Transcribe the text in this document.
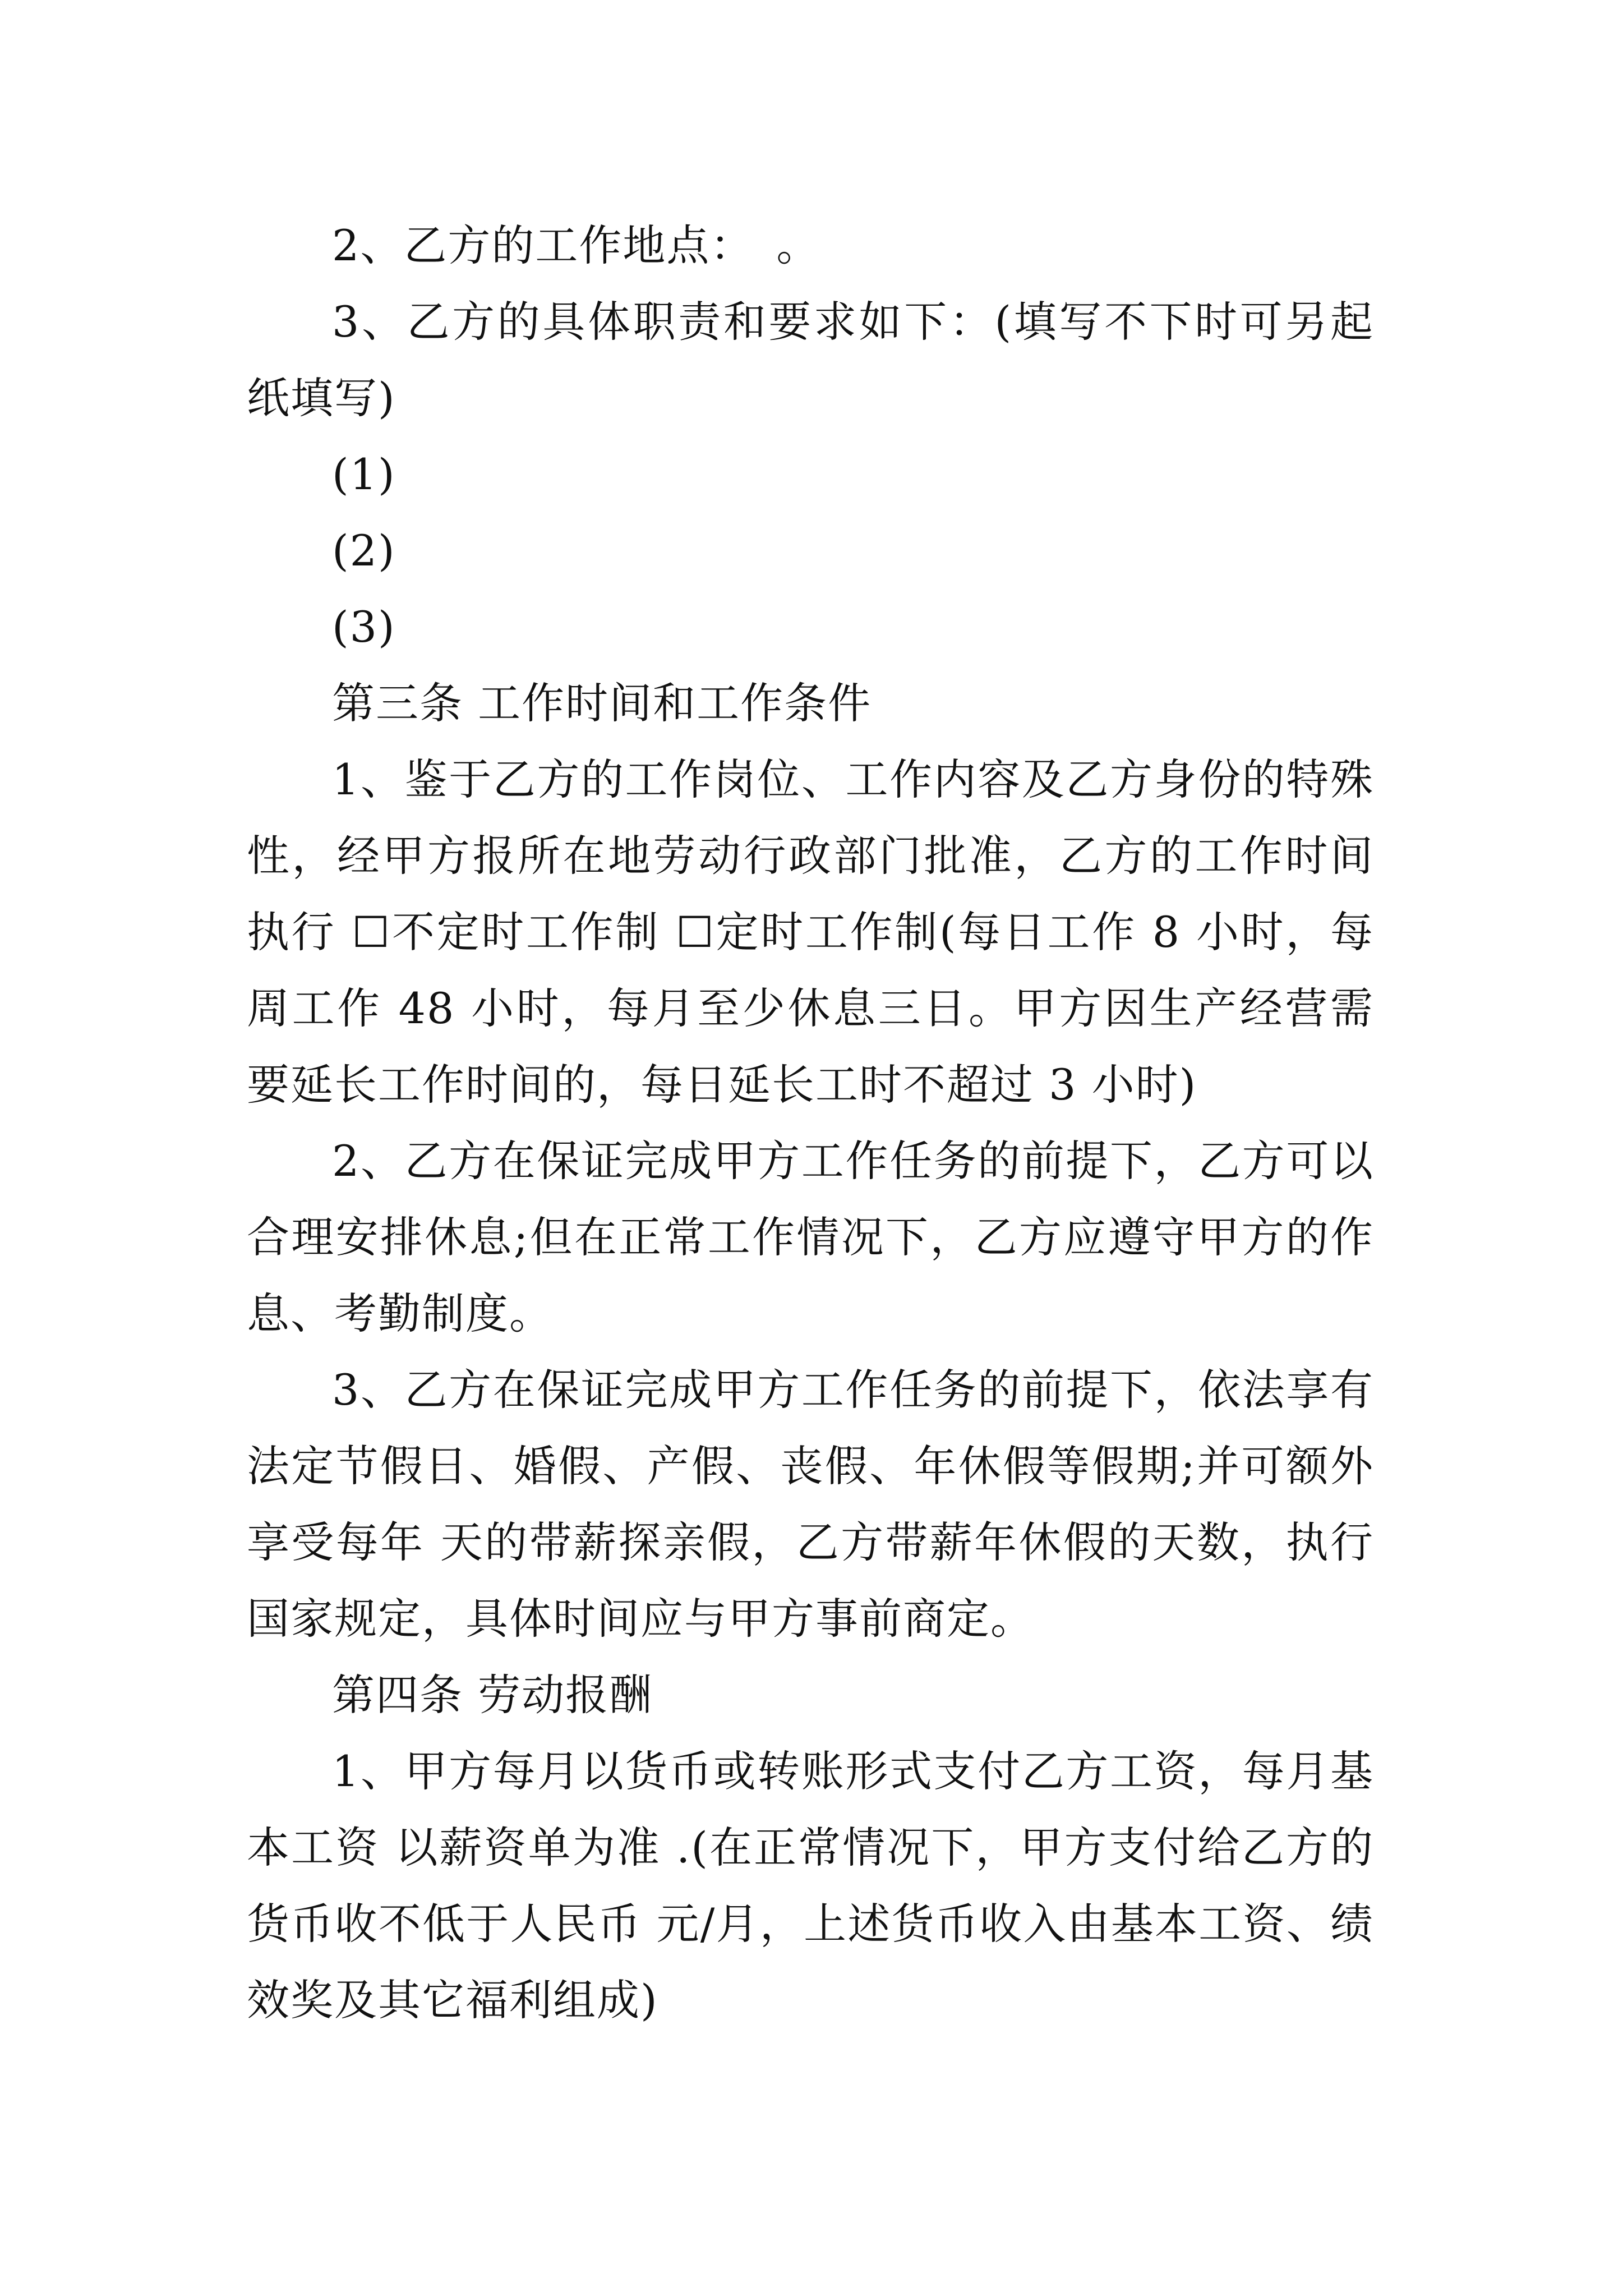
2、乙方的工作地点：　。

3、乙方的具体职责和要求如下：(填写不下时可另起纸填写)

(1)

(2)

(3)

第三条 工作时间和工作条件

1、鉴于乙方的工作岗位、工作内容及乙方身份的特殊性，经甲方报所在地劳动行政部门批准，乙方的工作时间执行 ☐不定时工作制 ☐定时工作制(每日工作 8 小时，每周工作 48 小时，每月至少休息三日。甲方因生产经营需要延长工作时间的，每日延长工时不超过 3 小时)

2、乙方在保证完成甲方工作任务的前提下，乙方可以合理安排休息;但在正常工作情况下，乙方应遵守甲方的作息、考勤制度。

3、乙方在保证完成甲方工作任务的前提下，依法享有法定节假日、婚假、产假、丧假、年休假等假期;并可额外享受每年 天的带薪探亲假，乙方带薪年休假的天数，执行国家规定，具体时间应与甲方事前商定。

第四条 劳动报酬

1、甲方每月以货币或转账形式支付乙方工资，每月基本工资 以薪资单为准 .(在正常情况下，甲方支付给乙方的货币收不低于人民币 元/月，上述货币收入由基本工资、绩效奖及其它福利组成)
